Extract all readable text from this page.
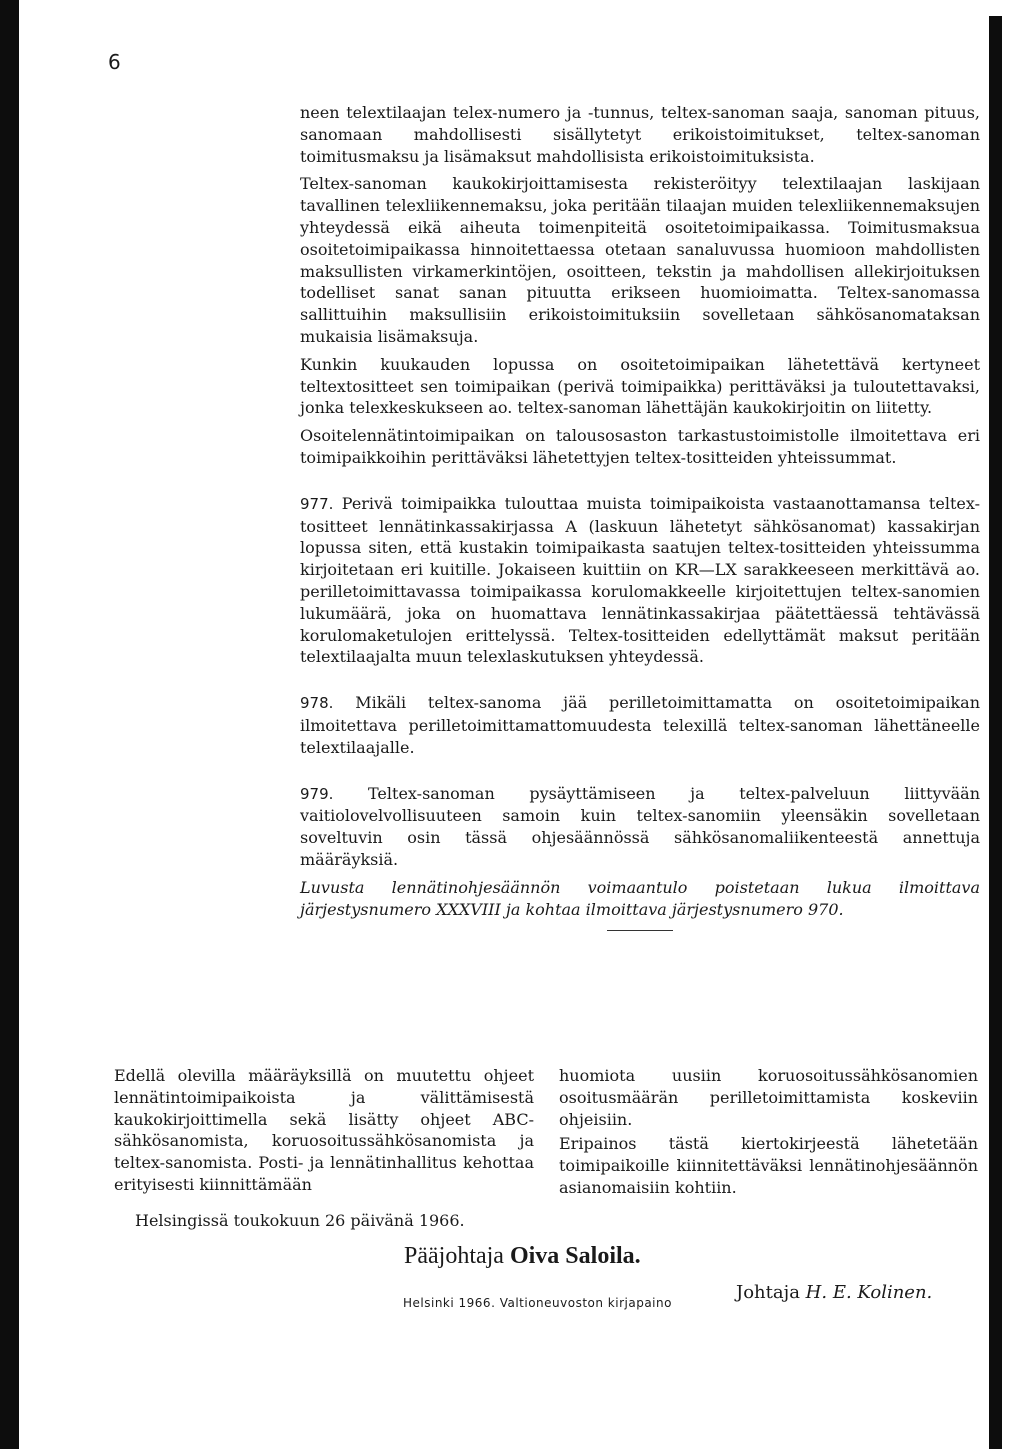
6

neen telextilaajan telex-numero ja -tunnus, teltex-sanoman saaja, sanoman pituus, sanomaan mahdollisesti sisällytetyt erikoistoimitukset, teltex-sanoman toimitusmaksu ja lisämaksut mahdollisista erikoistoimituksista.

Teltex-sanoman kaukokirjoittamisesta rekisteröityy telextilaajan laskijaan tavallinen telexliikennemaksu, joka peritään tilaajan muiden telexliikennemaksujen yhteydessä eikä aiheuta toimenpiteitä osoitetoimipaikassa. Toimitusmaksua osoitetoimipaikassa hinnoitettaessa otetaan sanaluvussa huomioon mahdollisten maksullisten virkamerkintöjen, osoitteen, tekstin ja mahdollisen allekirjoituksen todelliset sanat sanan pituutta erikseen huomioimatta. Teltex-sanomassa sallittuihin maksullisiin erikoistoimituksiin sovelletaan sähkösanomataksan mukaisia lisämaksuja.

Kunkin kuukauden lopussa on osoitetoimipaikan lähetettävä kertyneet teltextositteet sen toimipaikan (perivä toimipaikka) perittäväksi ja tuloutettavaksi, jonka telexkeskukseen ao. teltex-sanoman lähettäjän kaukokirjoitin on liitetty.

Osoitelennätintoimipaikan on talousosaston tarkastustoimistolle ilmoitettava eri toimipaikkoihin perittäväksi lähetettyjen teltex-tositteiden yhteissummat.

977. Perivä toimipaikka tulouttaa muista toimipaikoista vastaanottamansa teltex-tositteet lennätinkassakirjassa A (laskuun lähetetyt sähkösanomat) kassakirjan lopussa siten, että kustakin toimipaikasta saatujen teltex-tositteiden yhteissumma kirjoitetaan eri kuitille. Jokaiseen kuittiin on KR—LX sarakkeeseen merkittävä ao. perilletoimittavassa toimipaikassa korulomakkeelle kirjoitettujen teltex-sanomien lukumäärä, joka on huomattava lennätinkassakirjaa päätettäessä tehtävässä korulomaketulojen erittelyssä. Teltex-tositteiden edellyttämät maksut peritään telextilaajalta muun telexlaskutuksen yhteydessä.

978. Mikäli teltex-sanoma jää perilletoimittamatta on osoitetoimipaikan ilmoitettava perilletoimittamattomuudesta telexillä teltex-sanoman lähettäneelle telextilaajalle.

979. Teltex-sanoman pysäyttämiseen ja teltex-palveluun liittyvään vaitiolovelvollisuuteen samoin kuin teltex-sanomiin yleensäkin sovelletaan soveltuvin osin tässä ohjesäännössä sähkösanomaliikenteestä annettuja määräyksiä.

Luvusta lennätinohjesäännön voimaantulo poistetaan lukua ilmoittava järjestysnumero XXXVIII ja kohtaa ilmoittava järjestysnumero 970.

Edellä olevilla määräyksillä on muutettu ohjeet lennätintoimipaikoista ja välittämisestä kaukokirjoittimella sekä lisätty ohjeet ABC-sähkösanomista, koruosoitussähkösanomista ja teltex-sanomista. Posti- ja lennätinhallitus kehottaa erityisesti kiinnittämään

huomiota uusiin koruosoitussähkösanomien osoitusmäärän perilletoimittamista koskeviin ohjeisiin.

Eripainos tästä kiertokirjeestä lähetetään toimipaikoille kiinnitettäväksi lennätinohjesäännön asianomaisiin kohtiin.

Helsingissä toukokuun 26 päivänä 1966.
Pääjohtaja Oiva Saloila.
Johtaja H. E. Kolinen.
Helsinki 1966. Valtioneuvoston kirjapaino
